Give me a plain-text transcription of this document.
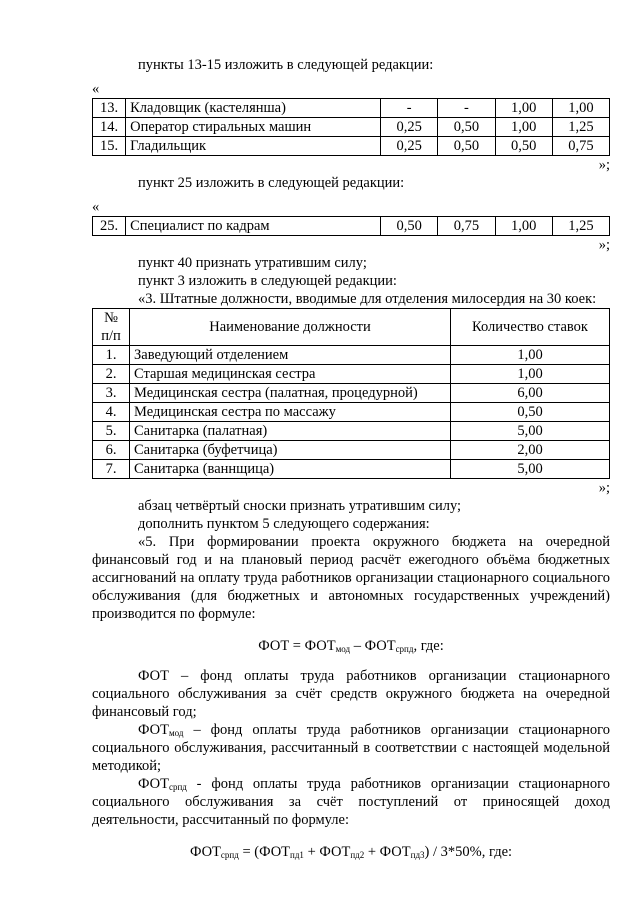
пункты 13-15 изложить в следующей редакции:

«

13.	Кладовщик (кастелянша)	-	-	1,00	1,00
14.	Оператор стиральных машин	0,25	0,50	1,00	1,25
15.	Гладильщик	0,25	0,50	0,50	0,75

»;

пункт 25 изложить в следующей редакции:

«

25.	Специалист по кадрам	0,50	0,75	1,00	1,25

»;

пункт 40 признать утратившим силу;

пункт 3 изложить в следующей редакции:

«3. Штатные должности, вводимые для отделения милосердия на 30 коек:

№
п/п	Наименование должности	Количество ставок
1.	Заведующий отделением	1,00
2.	Старшая медицинская сестра	1,00
3.	Медицинская сестра (палатная, процедурной)	6,00
4.	Медицинская сестра по массажу	0,50
5.	Санитарка (палатная)	5,00
6.	Санитарка (буфетчица)	2,00
7.	Санитарка (ваннщица)	5,00

»;

абзац четвёртый сноски признать утратившим силу;

дополнить пунктом 5 следующего содержания:

«5. При формировании проекта окружного бюджета на очередной финансовый год и на плановый период расчёт ежегодного объёма бюджетных ассигнований на оплату труда работников организации стационарного социального обслуживания (для бюджетных и автономных государственных учреждений) производится по формуле:

ФОТ = $ФОТ_{мод} - ФОТ_{српд}$, где:

ФОТ – фонд оплаты труда работников организации стационарного социального обслуживания за счёт средств окружного бюджета на очередной финансовый год;

$ФОТ_{мод}$ – фонд оплаты труда работников организации стационарного социального обслуживания, рассчитанный в соответствии с настоящей модельной методикой;

$ФОТ_{српд}$ - фонд оплаты труда работников организации стационарного социального обслуживания за счёт поступлений от приносящей доход деятельности, рассчитанный по формуле:

$ФОТ_{српд} = (ФОТ_{пд1} + ФОТ_{пд2} + ФОТ_{пд3}) / 3*50\%$, где:
